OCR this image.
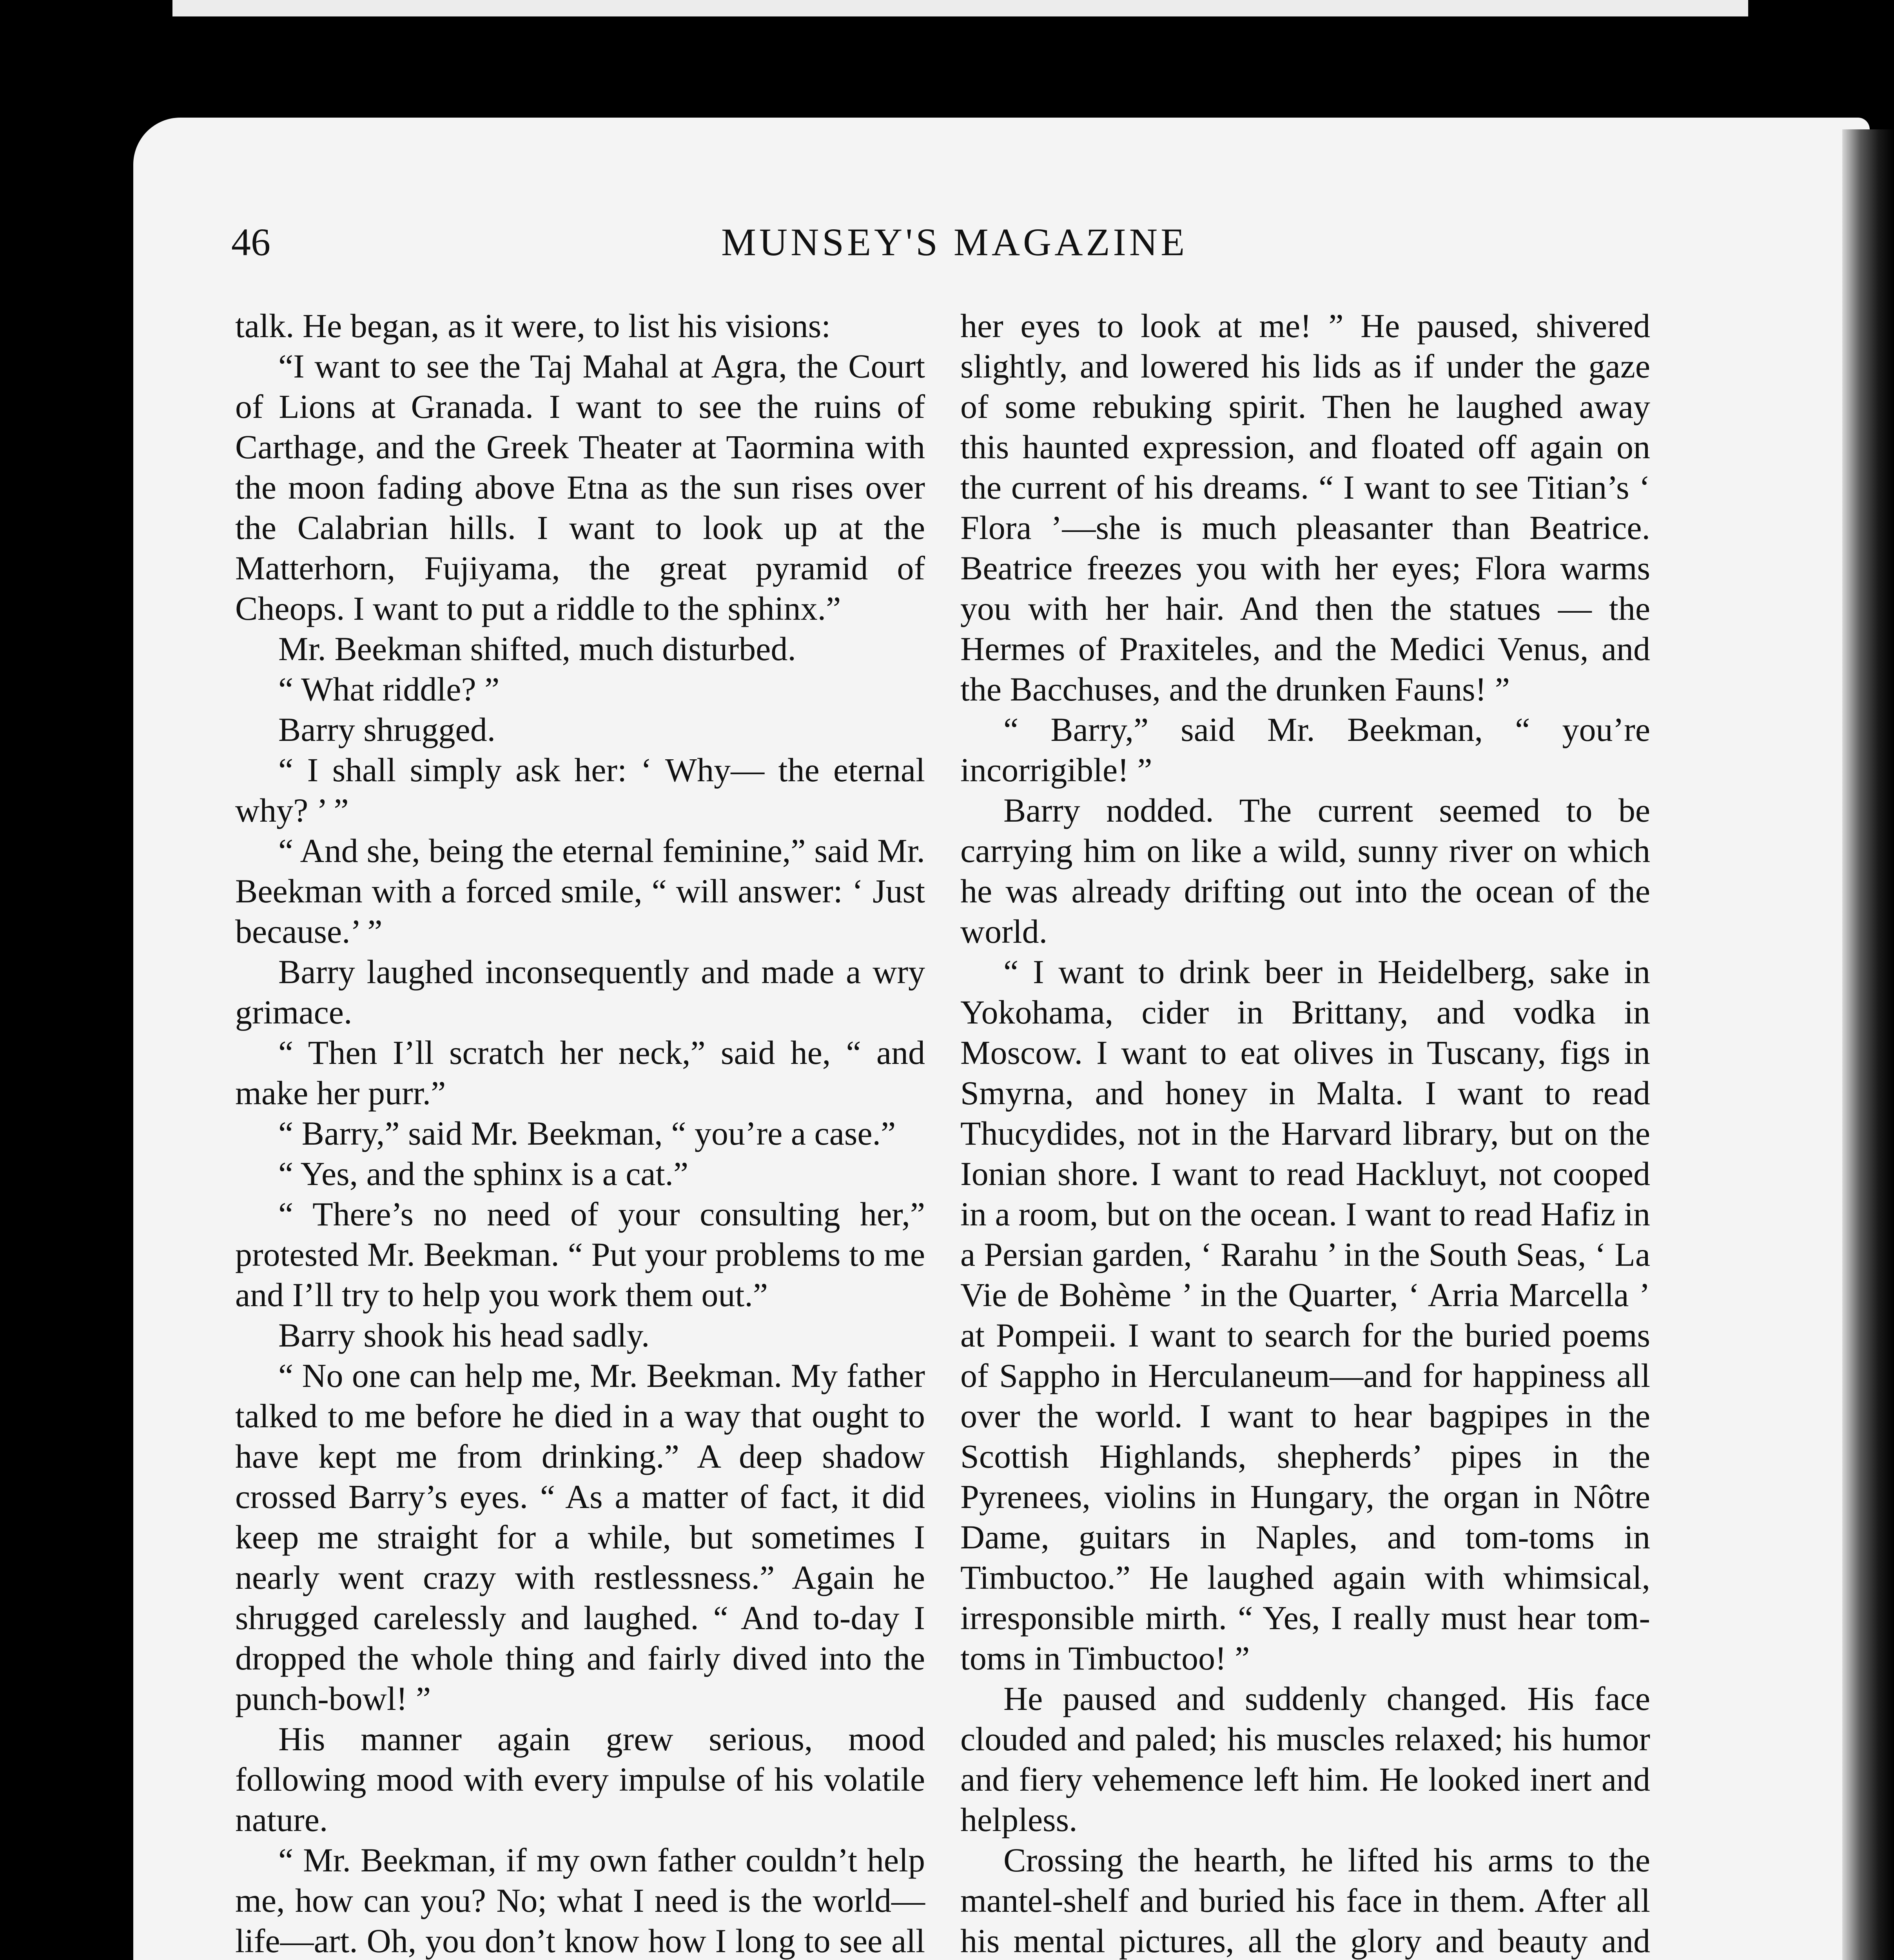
46	MUNSEY'S MAGAZINE

talk. He began, as it were, to list his visions:

“I want to see the Taj Mahal at Agra, the Court of Lions at Granada. I want to see the ruins of Carthage, and the Greek Theater at Taormina with the moon fading above Etna as the sun rises over the Calabrian hills. I want to look up at the Matterhorn, Fujiyama, the great pyramid of Cheops. I want to put a riddle to the sphinx.”

Mr. Beekman shifted, much disturbed.

“ What riddle? ”

Barry shrugged.

“ I shall simply ask her: ‘ Why— the eternal why? ’ ”

“ And she, being the eternal feminine,” said Mr. Beekman with a forced smile, “ will answer: ‘ Just because.’ ”

Barry laughed inconsequently and made a wry grimace.

“ Then I’ll scratch her neck,” said he, “ and make her purr.”

“ Barry,” said Mr. Beekman, “ you’re a case.”

“ Yes, and the sphinx is a cat.”

“ There’s no need of your consulting her,” protested Mr. Beekman. “ Put your problems to me and I’ll try to help you work them out.”

Barry shook his head sadly.

“ No one can help me, Mr. Beekman. My father talked to me before he died in a way that ought to have kept me from drinking.” A deep shadow crossed Barry’s eyes. “ As a matter of fact, it did keep me straight for a while, but sometimes I nearly went crazy with restlessness.” Again he shrugged carelessly and laughed. “ And to-day I dropped the whole thing and fairly dived into the punch-bowl! ”

His manner again grew serious, mood following mood with every impulse of his volatile nature.

“ Mr. Beekman, if my own father couldn’t help me, how can you? No; what I need is the world—life—art. Oh, you don’t know how I long to see all

her eyes to look at me! ” He paused, shivered slightly, and lowered his lids as if under the gaze of some rebuking spirit. Then he laughed away this haunted expression, and floated off again on the current of his dreams. “ I want to see Titian’s ‘ Flora ’—she is much pleasanter than Beatrice. Beatrice freezes you with her eyes; Flora warms you with her hair. And then the statues — the Hermes of Praxiteles, and the Medici Venus, and the Bacchuses, and the drunken Fauns! ”

“ Barry,” said Mr. Beekman, “ you’re incorrigible! ”

Barry nodded. The current seemed to be carrying him on like a wild, sunny river on which he was already drifting out into the ocean of the world.

“ I want to drink beer in Heidelberg, sake in Yokohama, cider in Brittany, and vodka in Moscow. I want to eat olives in Tuscany, figs in Smyrna, and honey in Malta. I want to read Thucydides, not in the Harvard library, but on the Ionian shore. I want to read Hackluyt, not cooped in a room, but on the ocean. I want to read Hafiz in a Persian garden, ‘ Rarahu ’ in the South Seas, ‘ La Vie de Bohème ’ in the Quarter, ‘ Arria Marcella ’ at Pompeii. I want to search for the buried poems of Sappho in Herculaneum—and for happiness all over the world. I want to hear bagpipes in the Scottish Highlands, shepherds’ pipes in the Pyrenees, violins in Hungary, the organ in Nôtre Dame, guitars in Naples, and tom-toms in Timbuctoo.” He laughed again with whimsical, irresponsible mirth. “ Yes, I really must hear tom-toms in Timbuctoo! ”

He paused and suddenly changed. His face clouded and paled; his muscles relaxed; his humor and fiery vehemence left him. He looked inert and helpless.

Crossing the hearth, he lifted his arms to the mantel-shelf and buried his face in them. After all his mental pictures, all the glory and beauty and
